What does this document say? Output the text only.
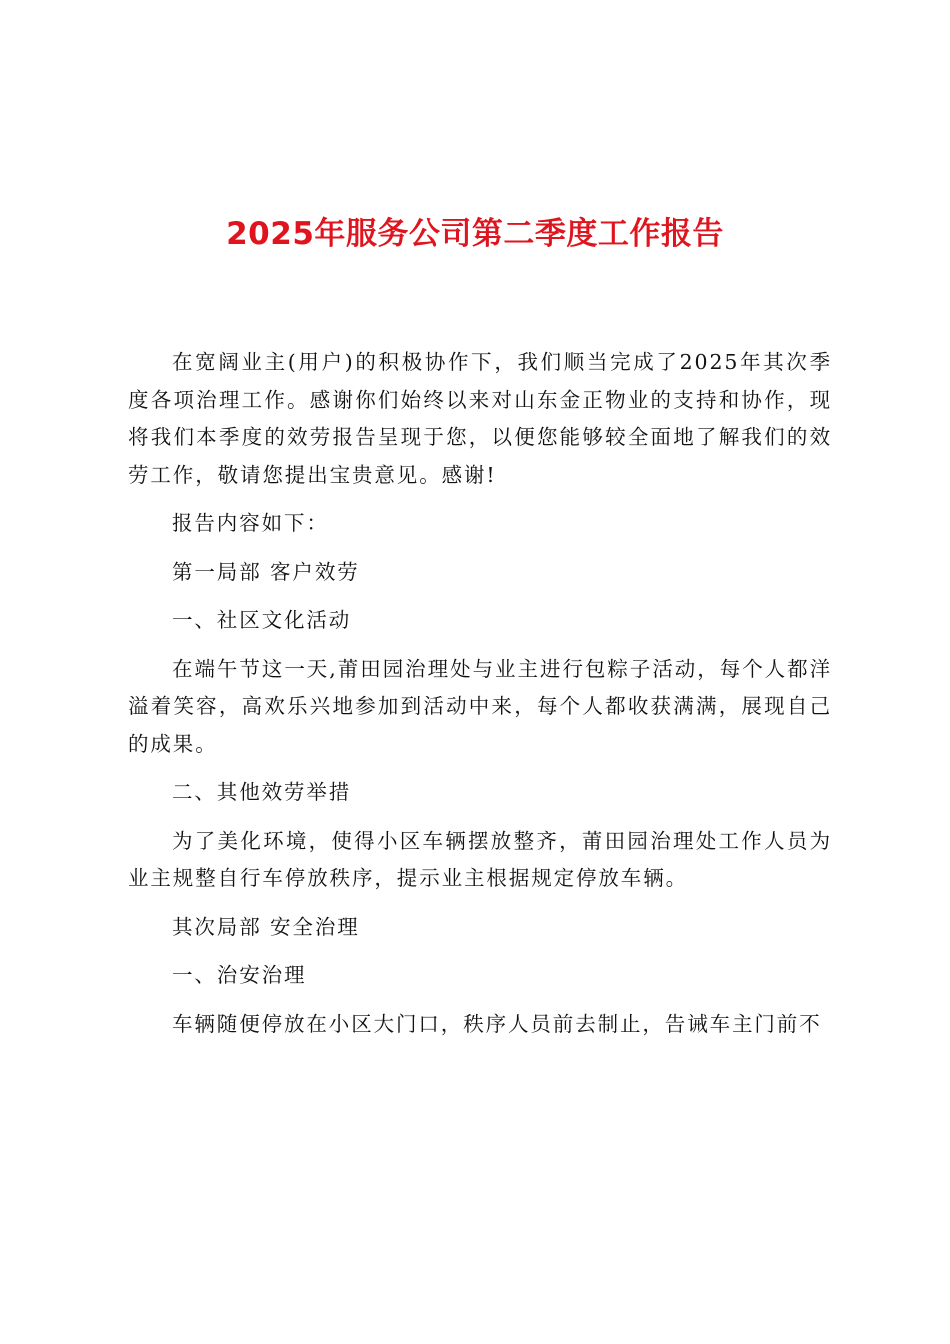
2025年服务公司第二季度工作报告

在宽阔业主(用户)的积极协作下，我们顺当完成了2025年其次季度各项治理工作。感谢你们始终以来对山东金正物业的支持和协作，现将我们本季度的效劳报告呈现于您，以便您能够较全面地了解我们的效劳工作，敬请您提出宝贵意见。感谢!

报告内容如下：

第一局部 客户效劳

一、社区文化活动

在端午节这一天,莆田园治理处与业主进行包粽子活动，每个人都洋溢着笑容，高欢乐兴地参加到活动中来，每个人都收获满满，展现自己的成果。

二、其他效劳举措

为了美化环境，使得小区车辆摆放整齐，莆田园治理处工作人员为业主规整自行车停放秩序，提示业主根据规定停放车辆。

其次局部 安全治理

一、治安治理

车辆随便停放在小区大门口，秩序人员前去制止，告诫车主门前不
